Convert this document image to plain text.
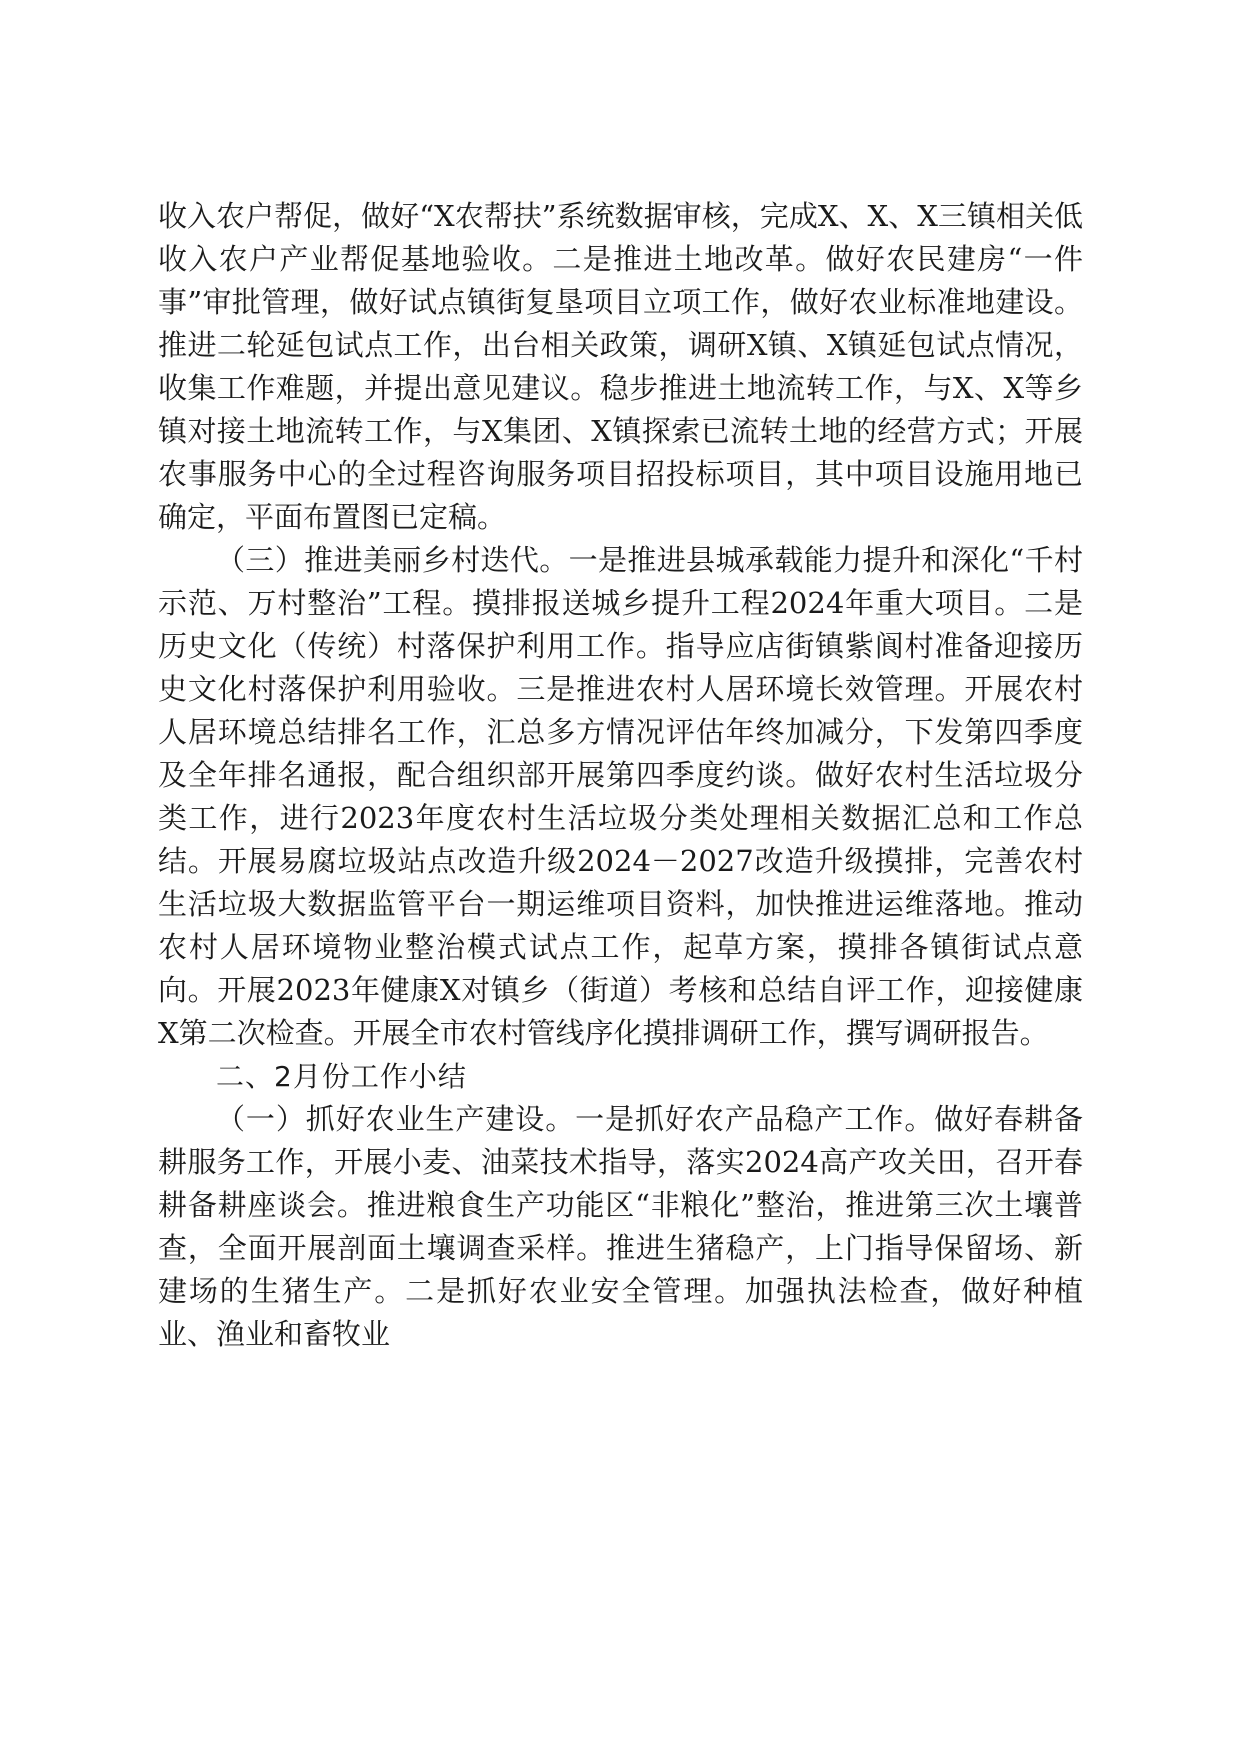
收入农户帮促，做好“X农帮扶”系统数据审核，完成X、X、X三镇相关低收入农户产业帮促基地验收。二是推进土地改革。做好农民建房“一件事”审批管理，做好试点镇街复垦项目立项工作，做好农业标准地建设。推进二轮延包试点工作，出台相关政策，调研X镇、X镇延包试点情况，收集工作难题，并提出意见建议。稳步推进土地流转工作，与X、X等乡镇对接土地流转工作，与X集团、X镇探索已流转土地的经营方式；开展农事服务中心的全过程咨询服务项目招投标项目，其中项目设施用地已确定，平面布置图已定稿。

（三）推进美丽乡村迭代。一是推进县城承载能力提升和深化“千村示范、万村整治”工程。摸排报送城乡提升工程2024年重大项目。二是历史文化（传统）村落保护利用工作。指导应店街镇紫阆村准备迎接历史文化村落保护利用验收。三是推进农村人居环境长效管理。开展农村人居环境总结排名工作，汇总多方情况评估年终加减分，下发第四季度及全年排名通报，配合组织部开展第四季度约谈。做好农村生活垃圾分类工作，进行2023年度农村生活垃圾分类处理相关数据汇总和工作总结。开展易腐垃圾站点改造升级2024－2027改造升级摸排，完善农村生活垃圾大数据监管平台一期运维项目资料，加快推进运维落地。推动农村人居环境物业整治模式试点工作，起草方案，摸排各镇街试点意向。开展2023年健康X对镇乡（街道）考核和总结自评工作，迎接健康X第二次检查。开展全市农村管线序化摸排调研工作，撰写调研报告。

二、2月份工作小结

（一）抓好农业生产建设。一是抓好农产品稳产工作。做好春耕备耕服务工作，开展小麦、油菜技术指导，落实2024高产攻关田，召开春耕备耕座谈会。推进粮食生产功能区“非粮化”整治，推进第三次土壤普查，全面开展剖面土壤调查采样。推进生猪稳产，上门指导保留场、新建场的生猪生产。二是抓好农业安全管理。加强执法检查，做好种植业、渔业和畜牧业
